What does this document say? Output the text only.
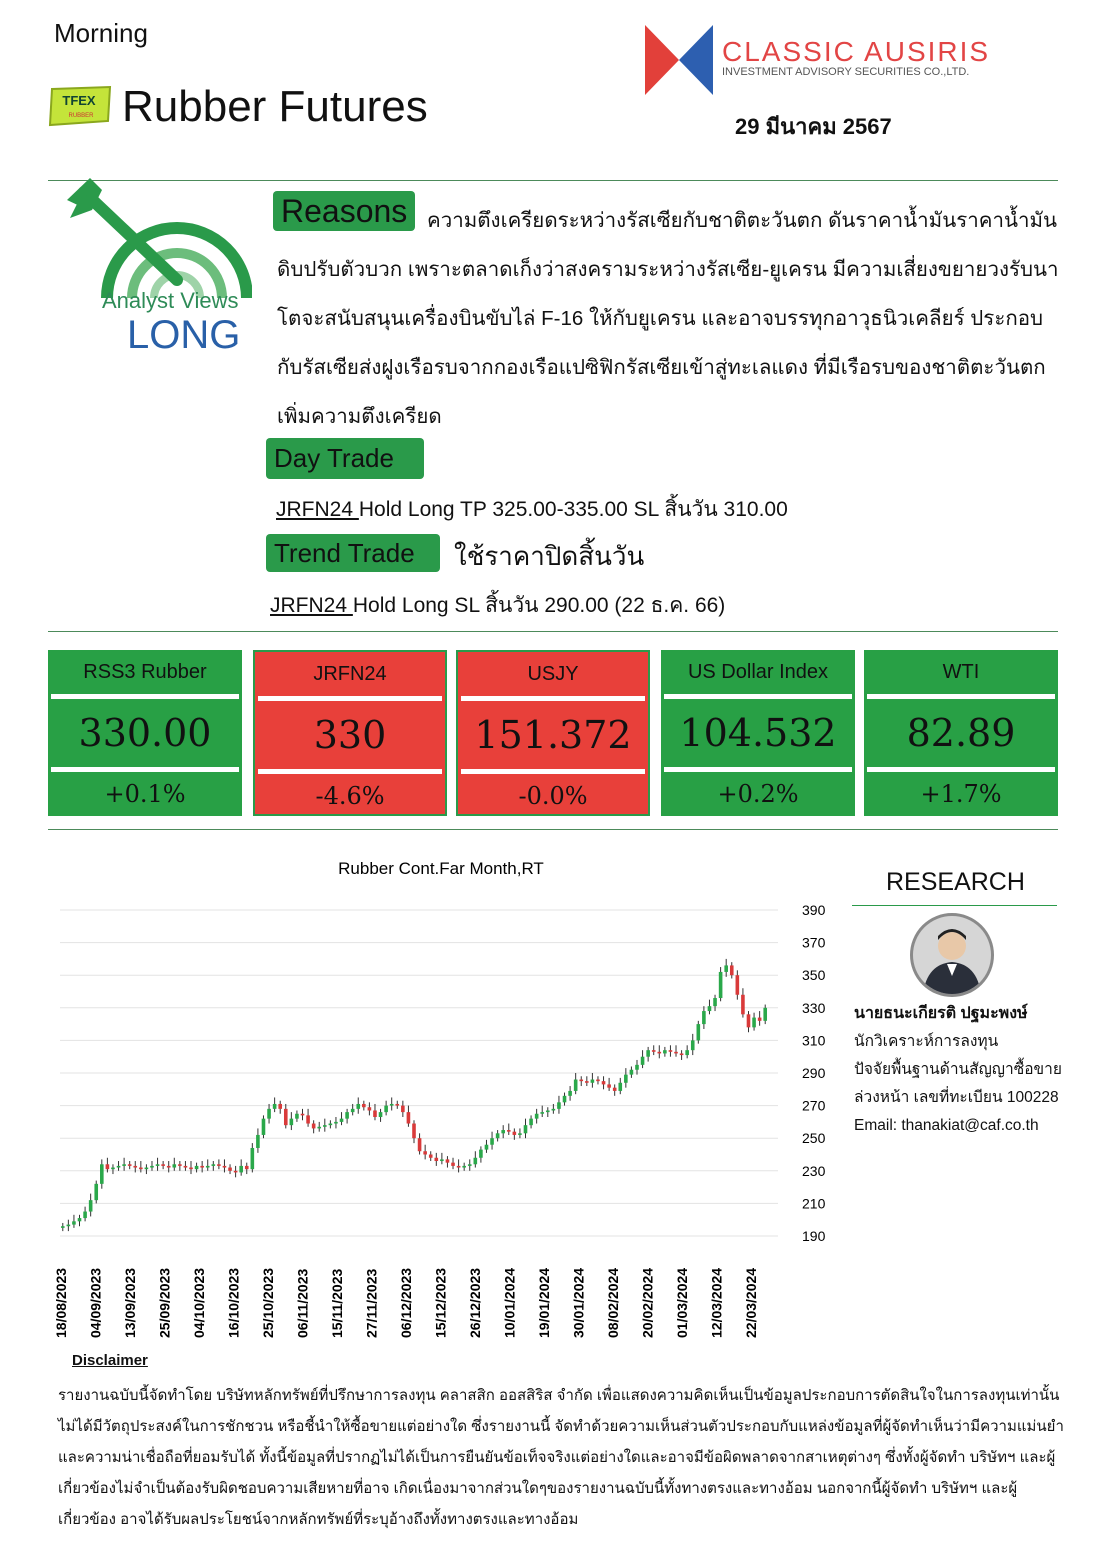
Morning
TFEX
RUBBER Rubber Futures
CLASSIC AUSIRIS
INVESTMENT ADVISORY SECURITIES CO.,LTD.
29 มีนาคม 2567
Analyst Views
LONG
ความตึงเครียดระหว่างรัสเซียกับชาติตะวันตก ดันราคาน้ำมันราคาน้ำมันดิบปรับตัวบวก เพราะตลาดเก็งว่าสงครามระหว่างรัสเซีย-ยูเครน มีความเสี่ยงขยายวงรับนาโตจะสนับสนุนเครื่องบินขับไล่ F-16 ให้กับยูเครน และอาจบรรทุกอาวุธนิวเคลียร์ ประกอบกับรัสเซียส่งฝูงเรือรบจากกองเรือแปซิฟิกรัสเซียเข้าสู่ทะเลแดง ที่มีเรือรบของชาติตะวันตกเพิ่มความตึงเครียด
Reasons
Day Trade
JRFN24 Hold Long TP 325.00-335.00 SL สิ้นวัน 310.00
Trend Trade	ใช้ราคาปิดสิ้นวัน
JRFN24 Hold Long SL สิ้นวัน 290.00 (22 ธ.ค. 66)
RSS3 Rubber
330.00
+0.1%
JRFN24
330
-4.6%
USJY
151.372
-0.0%
US Dollar Index
104.532
+0.2%
WTI
82.89
+1.7%
Rubber Cont.Far Month,RT
190
210
230
250
270
290
310
330
350
370
390
18/08/2023 04/09/2023 13/09/2023 25/09/2023 04/10/2023 16/10/2023 25/10/2023 06/11/2023 15/11/2023 27/11/2023 06/12/2023 15/12/2023 26/12/2023 10/01/2024 19/01/2024 30/01/2024 08/02/2024 20/02/2024 01/03/2024 12/03/2024 22/03/2024
RESEARCH
นายธนะเกียรติ ปฐมะพงษ์
นักวิเคราะห์การลงทุน
ปัจจัยพื้นฐานด้านสัญญาซื้อขาย
ล่วงหน้า เลขที่ทะเบียน 100228
Email: thanakiat@caf.co.th
Disclaimer
รายงานฉบับนี้จัดทำโดย บริษัทหลักทรัพย์ที่ปรึกษาการลงทุน คลาสสิก ออสสิริส จำกัด เพื่อแสดงความคิดเห็นเป็นข้อมูลประกอบการตัดสินใจในการลงทุนเท่านั้น ไม่ได้มีวัตถุประสงค์ในการชักชวน หรือชี้นำให้ซื้อขายแต่อย่างใด ซึ่งรายงานนี้ จัดทำด้วยความเห็นส่วนตัวประกอบกับแหล่งข้อมูลที่ผู้จัดทำเห็นว่ามีความแม่นยำและความน่าเชื่อถือที่ยอมรับได้ ทั้งนี้ข้อมูลที่ปรากฏไม่ได้เป็นการยืนยันข้อเท็จจริงแต่อย่างใดและอาจมีข้อผิดพลาดจากสาเหตุต่างๆ ซึ่งทั้งผู้จัดทำ บริษัทฯ และผู้เกี่ยวข้องไม่จำเป็นต้องรับผิดชอบความเสียหายที่อาจ เกิดเนื่องมาจากส่วนใดๆของรายงานฉบับนี้ทั้งทางตรงและทางอ้อม นอกจากนี้ผู้จัดทำ บริษัทฯ และผู้เกี่ยวข้อง อาจได้รับผลประโยชน์จากหลักทรัพย์ที่ระบุอ้างถึงทั้งทางตรงและทางอ้อม
